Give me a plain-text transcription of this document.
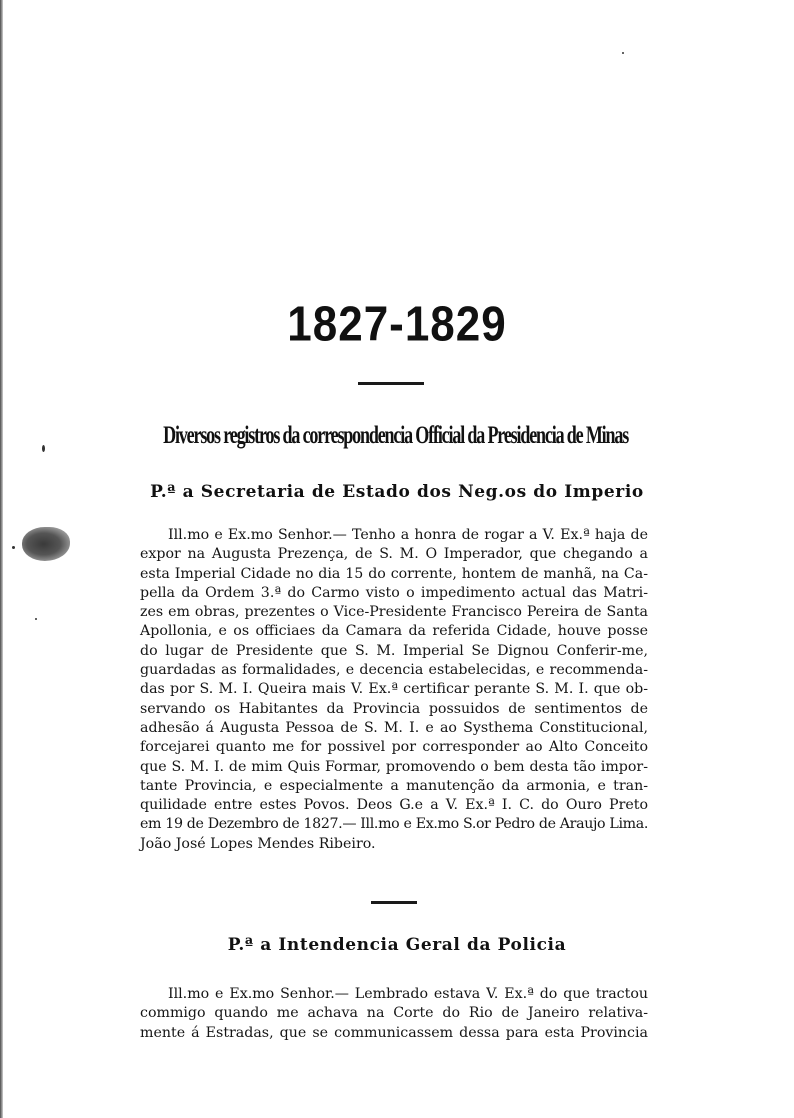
1827-1829
Diversos registros da correspondencia Official da Presidencia de Minas
P.ª a Secretaria de Estado dos Neg.os do Imperio
Ill.mo e Ex.mo Senhor.— Tenho a honra de rogar a V. Ex.ª haja de
expor na Augusta Prezença, de S. M. O Imperador, que chegando a
esta Imperial Cidade no dia 15 do corrente, hontem de manhã, na Ca-
pella da Ordem 3.ª do Carmo visto o impedimento actual das Matri-
zes em obras, prezentes o Vice-Presidente Francisco Pereira de Santa
Apollonia, e os officiaes da Camara da referida Cidade, houve posse
do lugar de Presidente que S. M. Imperial Se Dignou Conferir-me,
guardadas as formalidades, e decencia estabelecidas, e recommenda-
das por S. M. I. Queira mais V. Ex.ª certificar perante S. M. I. que ob-
servando os Habitantes da Provincia possuidos de sentimentos de
adhesão á Augusta Pessoa de S. M. I. e ao Systhema Constitucional,
forcejarei quanto me for possivel por corresponder ao Alto Conceito
que S. M. I. de mim Quis Formar, promovendo o bem desta tão impor-
tante Provincia, e especialmente a manutenção da armonia, e tran-
quilidade entre estes Povos. Deos G.e a V. Ex.ª I. C. do Ouro Preto
em 19 de Dezembro de 1827.— Ill.mo e Ex.mo S.or Pedro de Araujo Lima.
João José Lopes Mendes Ribeiro.
P.ª a Intendencia Geral da Policia
Ill.mo e Ex.mo Senhor.— Lembrado estava V. Ex.ª do que tractou
commigo quando me achava na Corte do Rio de Janeiro relativa-
mente á Estradas, que se communicassem dessa para esta Provincia
